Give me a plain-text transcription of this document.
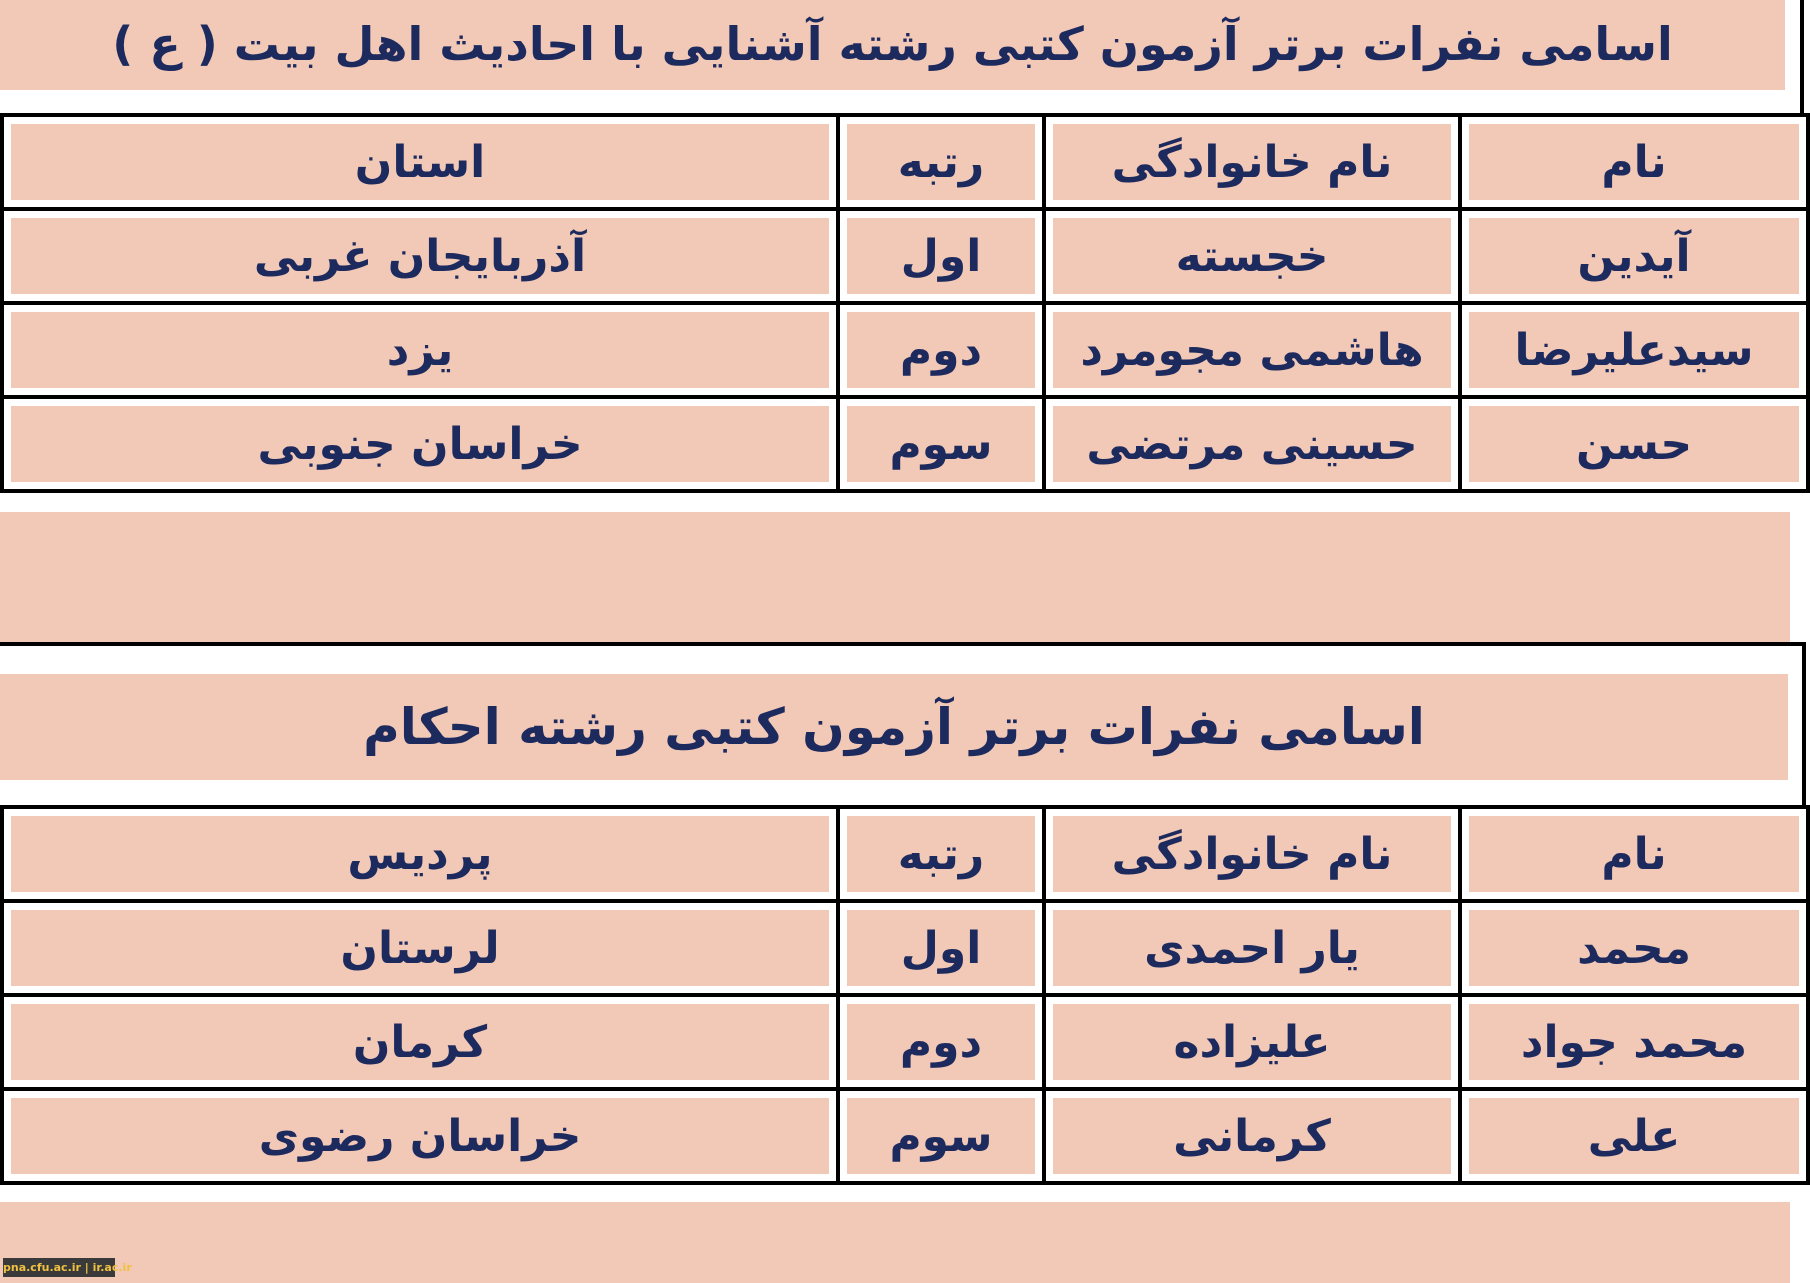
اسامی نفرات برتر آزمون کتبی رشته آشنایی با احادیث اهل بیت ( ع )
نام	نام خانوادگی	رتبه	استان
آیدین	خجسته	اول	آذربایجان غربی
سیدعلیرضا	هاشمی مجومرد	دوم	یزد
حسن	حسینی مرتضی	سوم	خراسان جنوبی
اسامی نفرات برتر آزمون کتبی رشته احکام
نام	نام خانوادگی	رتبه	پردیس
محمد	یار احمدی	اول	لرستان
محمد جواد	علیزاده	دوم	کرمان
علی	کرمانی	سوم	خراسان رضوی
pna.cfu.ac.ir | ir.ac.ir
